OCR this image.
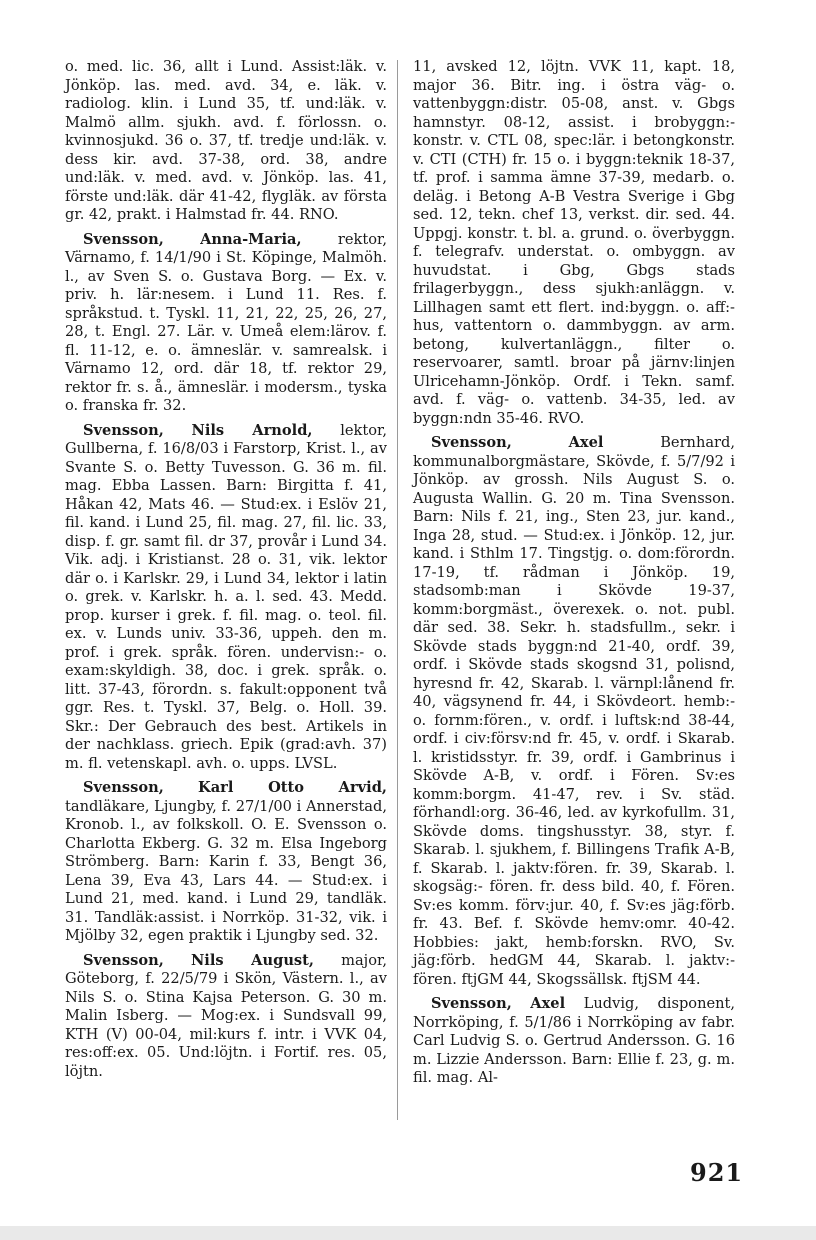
o. med. lic. 36, allt i Lund. Assist:läk. v. Jönköp. las. med. avd. 34, e. läk. v. radiolog. klin. i Lund 35, tf. und:läk. v. Malmö allm. sjukh. avd. f. förlossn. o. kvinnosjukd. 36 o. 37, tf. tredje und:läk. v. dess kir. avd. 37-38, ord. 38, andre und:läk. v. med. avd. v. Jönköp. las. 41, förste und:läk. där 41-42, flygläk. av första gr. 42, prakt. i Halmstad fr. 44. RNO.

Svensson, Anna-Maria, rektor, Värnamo, f. 14/1/90 i St. Köpinge, Malmöh. l., av Sven S. o. Gustava Borg. — Ex. v. priv. h. lär:nesem. i Lund 11. Res. f. språkstud. t. Tyskl. 11, 21, 22, 25, 26, 27, 28, t. Engl. 27. Lär. v. Umeå elem:lärov. f. fl. 11-12, e. o. ämneslär. v. samrealsk. i Värnamo 12, ord. där 18, tf. rektor 29, rektor fr. s. å., ämneslär. i modersm., tyska o. franska fr. 32.

Svensson, Nils Arnold, lektor, Gullberna, f. 16/8/03 i Farstorp, Krist. l., av Svante S. o. Betty Tuvesson. G. 36 m. fil. mag. Ebba Lassen. Barn: Birgitta f. 41, Håkan 42, Mats 46. — Stud:ex. i Eslöv 21, fil. kand. i Lund 25, fil. mag. 27, fil. lic. 33, disp. f. gr. samt fil. dr 37, provår i Lund 34. Vik. adj. i Kristianst. 28 o. 31, vik. lektor där o. i Karlskr. 29, i Lund 34, lektor i latin o. grek. v. Karlskr. h. a. l. sed. 43. Medd. prop. kurser i grek. f. fil. mag. o. teol. fil. ex. v. Lunds univ. 33-36, uppeh. den m. prof. i grek. språk. fören. undervisn:- o. exam:skyldigh. 38, doc. i grek. språk. o. litt. 37-43, förordn. s. fakult:opponent två ggr. Res. t. Tyskl. 37, Belg. o. Holl. 39. Skr.: Der Gebrauch des best. Artikels in der nachklass. griech. Epik (grad:avh. 37) m. fl. vetenskapl. avh. o. upps. LVSL.

Svensson, Karl Otto Arvid, tandläkare, Ljungby, f. 27/1/00 i Annerstad, Kronob. l., av folkskoll. O. E. Svensson o. Charlotta Ekberg. G. 32 m. Elsa Ingeborg Strömberg. Barn: Karin f. 33, Bengt 36, Lena 39, Eva 43, Lars 44. — Stud:ex. i Lund 21, med. kand. i Lund 29, tandläk. 31. Tandläk:assist. i Norrköp. 31-32, vik. i Mjölby 32, egen praktik i Ljungby sed. 32.

Svensson, Nils August, major, Göteborg, f. 22/5/79 i Skön, Västern. l., av Nils S. o. Stina Kajsa Peterson. G. 30 m. Malin Isberg. — Mog:ex. i Sundsvall 99, KTH (V) 00-04, mil:kurs f. intr. i VVK 04, res:off:ex. 05. Und:löjtn. i Fortif. res. 05, löjtn.

11, avsked 12, löjtn. VVK 11, kapt. 18, major 36. Bitr. ing. i östra väg- o. vattenbyggn:distr. 05-08, anst. v. Gbgs hamnstyr. 08-12, assist. i brobyggn:- konstr. v. CTL 08, spec:lär. i betongkonstr. v. CTI (CTH) fr. 15 o. i byggn:teknik 18-37, tf. prof. i samma ämne 37-39, medarb. o. deläg. i Betong A-B Vestra Sverige i Gbg sed. 12, tekn. chef 13, verkst. dir. sed. 44. Uppgj. konstr. t. bl. a. grund. o. överbyggn. f. telegrafv. understat. o. ombyggn. av huvudstat. i Gbg, Gbgs stads frilagerbyggn., dess sjukh:anläggn. v. Lillhagen samt ett flert. ind:byggn. o. aff:- hus, vattentorn o. dammbyggn. av arm. betong, kulvertanläggn., filter o. reservoarer, samtl. broar på järnv:linjen Ulricehamn-Jönköp. Ordf. i Tekn. samf. avd. f. väg- o. vattenb. 34-35, led. av byggn:ndn 35-46. RVO.

Svensson,	Axel	Bernhard, kommunalborgmästare, Skövde, f. 5/7/92 i Jönköp. av grossh. Nils August S. o. Augusta Wallin. G. 20 m. Tina Svensson. Barn: Nils f. 21, ing., Sten 23, jur. kand., Inga 28, stud. — Stud:ex. i Jönköp. 12, jur. kand. i Sthlm 17. Tingstjg. o. dom:förordn. 17-19, tf. rådman i Jönköp. 19, stadsomb:man i Skövde 19-37, komm:borgmäst., överexek. o. not. publ. där sed. 38. Sekr. h. stadsfullm., sekr. i Skövde stads byggn:nd 21-40, ordf. 39, ordf. i Skövde stads skogsnd 31, polisnd, hyresnd fr. 42, Skarab. l. värnpl:lånend fr. 40, vägsynend fr. 44, i Skövdeort. hemb:- o. fornm:fören., v. ordf. i luftsk:nd 38-44, ordf. i civ:försv:nd fr. 45, v. ordf. i Skarab. l. kristidsstyr. fr. 39, ordf. i Gambrinus i Skövde A-B, v. ordf. i Fören. Sv:es komm:borgm. 41-47, rev. i Sv. städ. förhandl:org. 36-46, led. av kyrkofullm. 31, Skövde doms. tingshusstyr. 38, styr. f. Skarab. l. sjukhem, f. Billingens Trafik A-B, f. Skarab. l. jaktv:fören. fr. 39, Skarab. l. skogsäg:- fören. fr. dess bild. 40, f. Fören. Sv:es komm. förv:jur. 40, f. Sv:es jäg:förb. fr. 43. Bef. f. Skövde hemv:omr. 40-42. Hobbies: jakt, hemb:forskn. RVO, Sv. jäg:förb. hedGM 44, Skarab. l. jaktv:- fören. ftjGM 44, Skogssällsk. ftjSM 44.

Svensson, Axel Ludvig, disponent, Norrköping, f. 5/1/86 i Norrköping av fabr. Carl Ludvig S. o. Gertrud Andersson. G. 16 m. Lizzie Andersson. Barn: Ellie f. 23, g. m. fil. mag. Al-

921
